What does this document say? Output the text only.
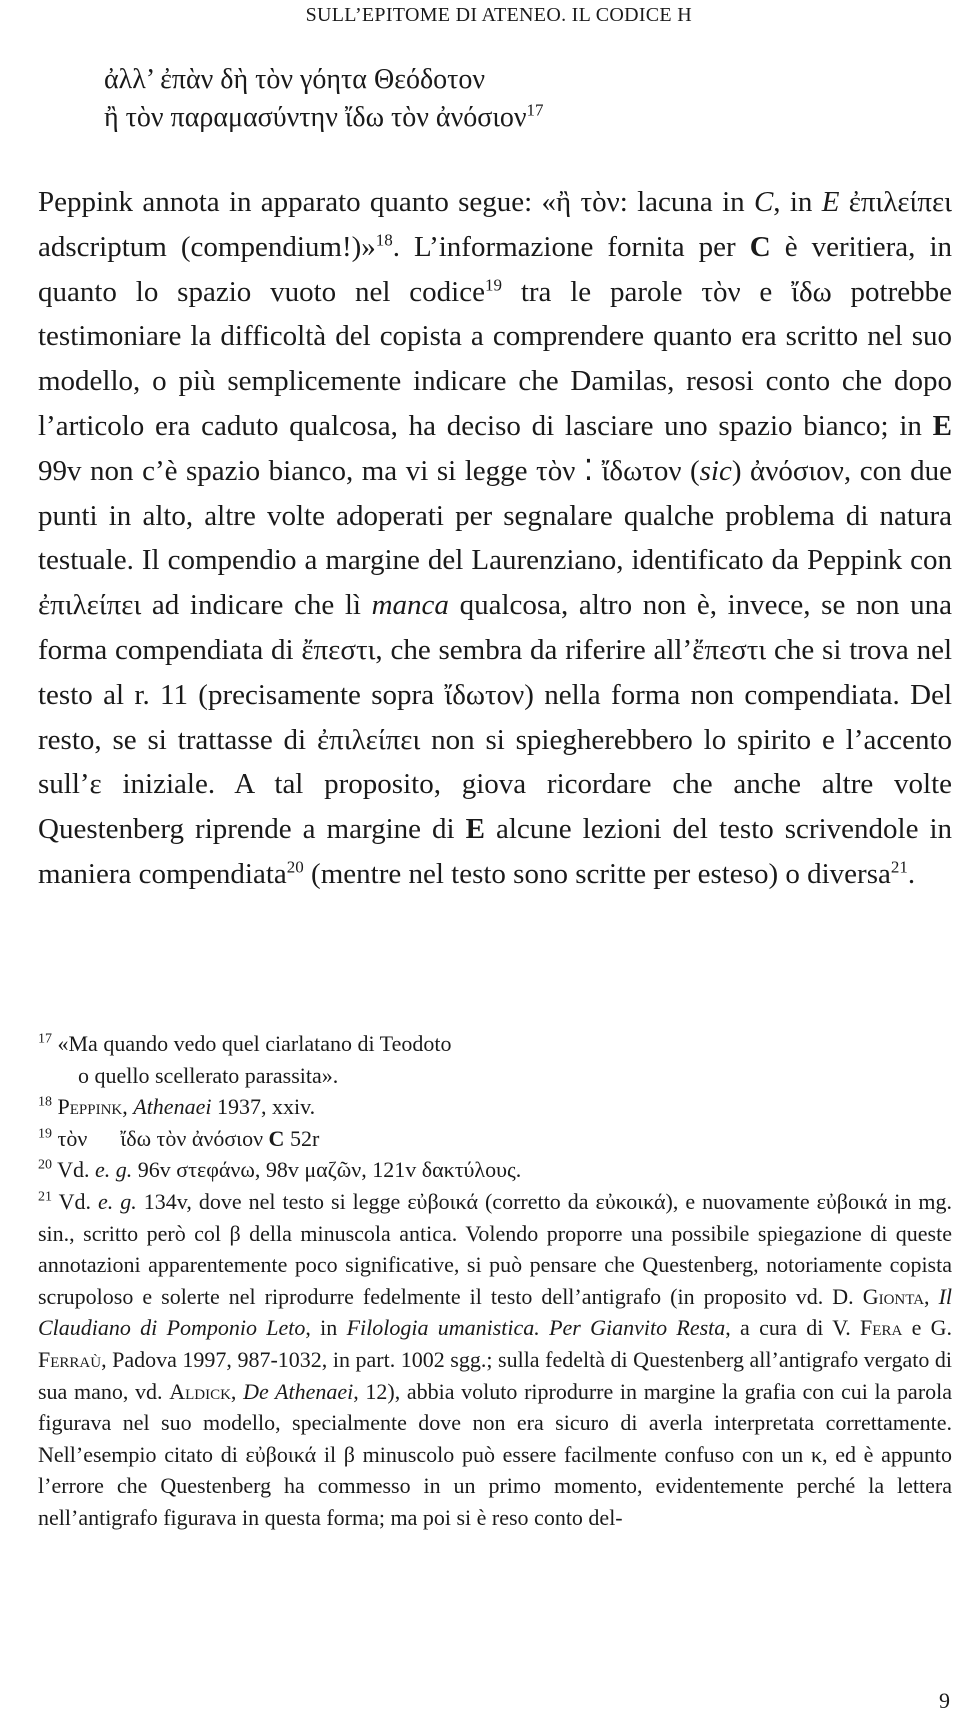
SULL’EPITOME DI ATENEO. IL CODICE H
ἀλλ’ ἐπὰν δὴ τὸν γόητα Θεόδοτον
ἢ τὸν παραμασύντην ἴδω τὸν ἀνόσιον$^{17}$

Peppink annota in apparato quanto segue: «ἢ τὸν: lacuna in C, in E ἐπιλείπει adscriptum (compendium!)»$^{18}$. L’informazione fornita per C è veritiera, in quanto lo spazio vuoto nel codice$^{19}$ tra le parole τὸν e ἴδω potrebbe testimoniare la difficoltà del copista a comprendere quanto era scritto nel suo modello, o più semplicemente indicare che Damilas, resosi conto che dopo l’articolo era caduto qualcosa, ha deciso di lasciare uno spazio bianco; in E 99v non c’è spazio bianco, ma vi si legge τὸν ⁚ ἴδωτον (sic) ἀνόσιον, con due punti in alto, altre volte adoperati per segnalare qualche problema di natura testuale. Il compendio a margine del Laurenziano, identificato da Peppink con ἐπιλείπει ad indicare che lì manca qualcosa, altro non è, invece, se non una forma compendiata di ἔπεστι, che sembra da riferire all’ἔπεστι che si trova nel testo al r. 11 (precisamente sopra ἴδωτον) nella forma non compendiata. Del resto, se si trattasse di ἐπιλείπει non si spiegherebbero lo spirito e l’accento sull’ε iniziale. A tal proposito, giova ricordare che anche altre volte Questenberg riprende a margine di E alcune lezioni del testo scrivendole in maniera compendiata$^{20}$ (mentre nel testo sono scritte per esteso) o diversa$^{21}$.

$^{17}$ «Ma quando vedo quel ciarlatano di Teodoto
o quello scellerato parassita».

$^{18}$ Peppink, Athenaei 1937, xxiv.

$^{19}$ τὸν      ἴδω τὸν ἀνόσιον C 52r

$^{20}$ Vd. e. g. 96v στεφάνω, 98v μαζῶν, 121v δακτύλους.

$^{21}$ Vd. e. g. 134v, dove nel testo si legge εὐβοικά (corretto da εὐκοικά), e nuovamente εὐβοικά in mg. sin., scritto però col β della minuscola antica. Volendo proporre una possibile spiegazione di queste annotazioni apparentemente poco significative, si può pensare che Questenberg, notoriamente copista scrupoloso e solerte nel riprodurre fedelmente il testo dell’antigrafo (in proposito vd. D. Gionta, Il Claudiano di Pomponio Leto, in Filologia umanistica. Per Gianvito Resta, a cura di V. Fera e G. Ferraù, Padova 1997, 987-1032, in part. 1002 sgg.; sulla fedeltà di Questenberg all’antigrafo vergato di sua mano, vd. Aldick, De Athenaei, 12), abbia voluto riprodurre in margine la grafia con cui la parola figurava nel suo modello, specialmente dove non era sicuro di averla interpretata correttamente. Nell’esempio citato di εὐβοικά il β minuscolo può essere facilmente confuso con un κ, ed è appunto l’errore che Questenberg ha commesso in un primo momento, evidentemente perché la lettera nell’antigrafo figurava in questa forma; ma poi si è reso conto del-

9
